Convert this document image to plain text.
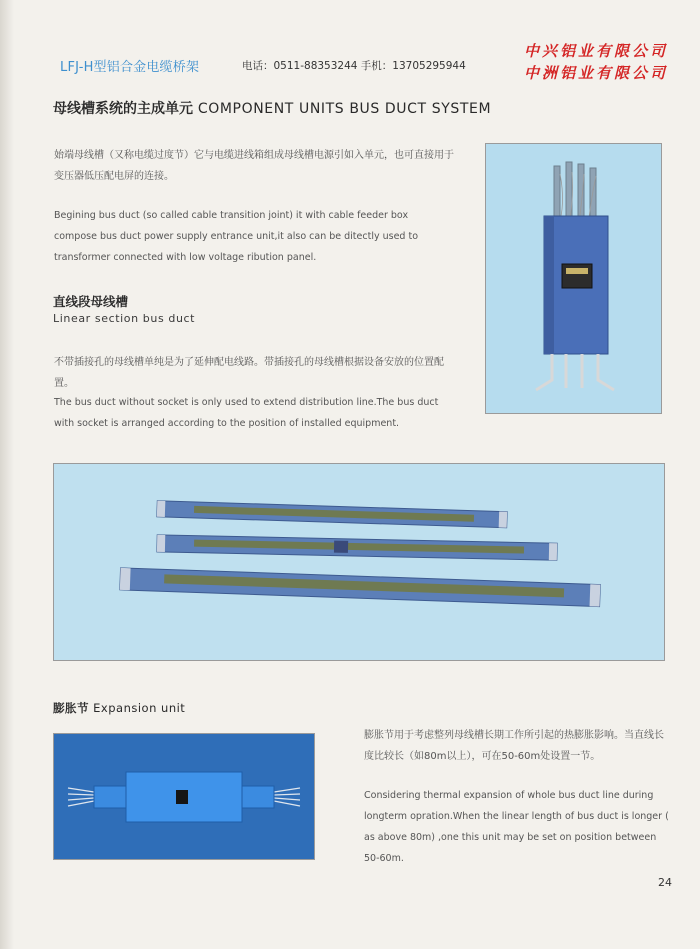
LFJ-H型铝合金电缆桥架	电话：0511-88353244 手机：13705295944
中兴铝业有限公司
中洲铝业有限公司
母线槽系统的主成单元 COMPONENT UNITS BUS DUCT SYSTEM
始端母线槽（又称电缆过度节）它与电缆进线箱组成母线槽电源引如入单元，也可直接用于变压器低压配电屏的连接。
Begining bus duct (so called cable transition joint) it with cable feeder box compose bus duct power supply entrance unit,it also can be ditectly used to transformer connected with low voltage ribution panel.
直线段母线槽
Linear section bus duct
不带插接孔的母线槽单纯是为了延伸配电线路。带插接孔的母线槽根据设备安放的位置配置。
The bus duct without socket is only used to extend distribution line.The bus duct with socket is arranged according to the position of installed equipment.
膨胀节 Expansion unit
膨胀节用于考虑整列母线槽长期工作所引起的热膨胀影响。当直线长度比较长（如80m以上），可在50-60m处设置一节。
Considering thermal expansion of whole bus duct line during longterm opration.When the linear length of bus duct is longer ( as above 80m) ,one this unit may be set on position between 50-60m.
24
